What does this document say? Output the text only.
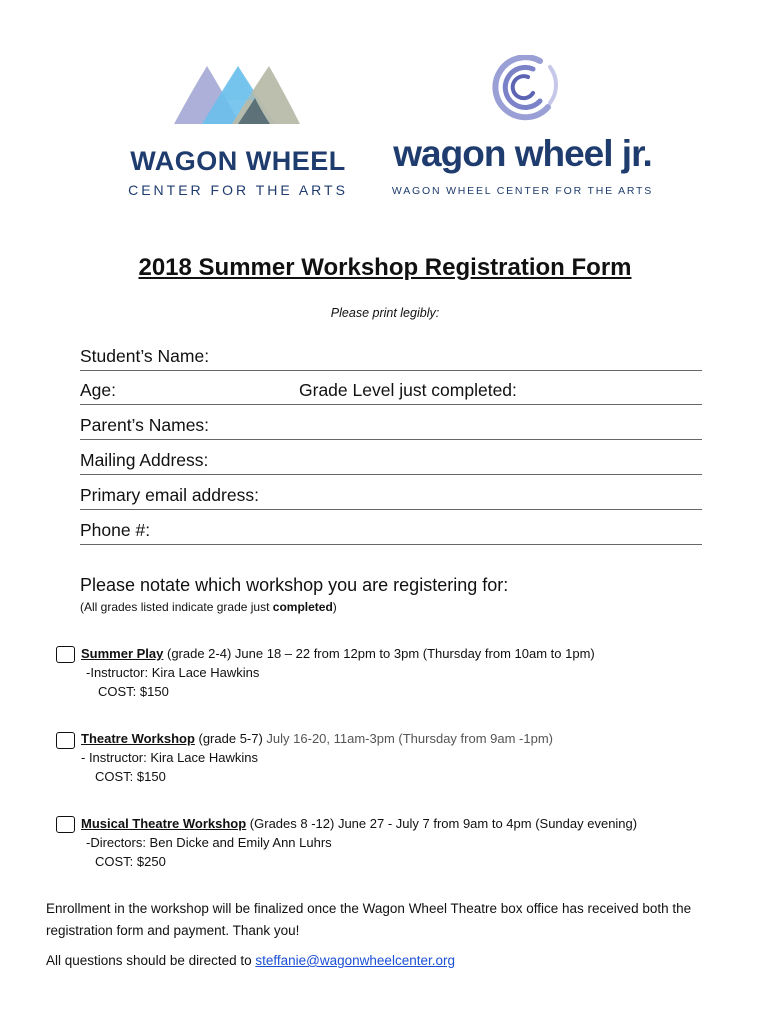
WAGON WHEEL
CENTER FOR THE ARTS
wagon wheel jr.
WAGON WHEEL CENTER FOR THE ARTS
2018 Summer Workshop Registration Form
Please print legibly:
Student’s Name:
Age:	Grade Level just completed:
Parent’s Names:
Mailing Address:
Primary email address:
Phone #:
Please notate which workshop you are registering for:
(All grades listed indicate grade just completed)
Summer Play (grade 2-4) June 18 – 22 from 12pm to 3pm (Thursday from 10am to 1pm)
-Instructor: Kira Lace Hawkins
COST: $150
Theatre Workshop (grade 5-7) July 16-20, 11am-3pm (Thursday from 9am -1pm)
- Instructor: Kira Lace Hawkins
COST: $150
Musical Theatre Workshop (Grades 8 -12) June 27 - July 7 from 9am to 4pm (Sunday evening)
-Directors: Ben Dicke and Emily Ann Luhrs
COST: $250
Enrollment in the workshop will be finalized once the Wagon Wheel Theatre box office has received both the
registration form and payment. Thank you!
All questions should be directed to steffanie@wagonwheelcenter.org
